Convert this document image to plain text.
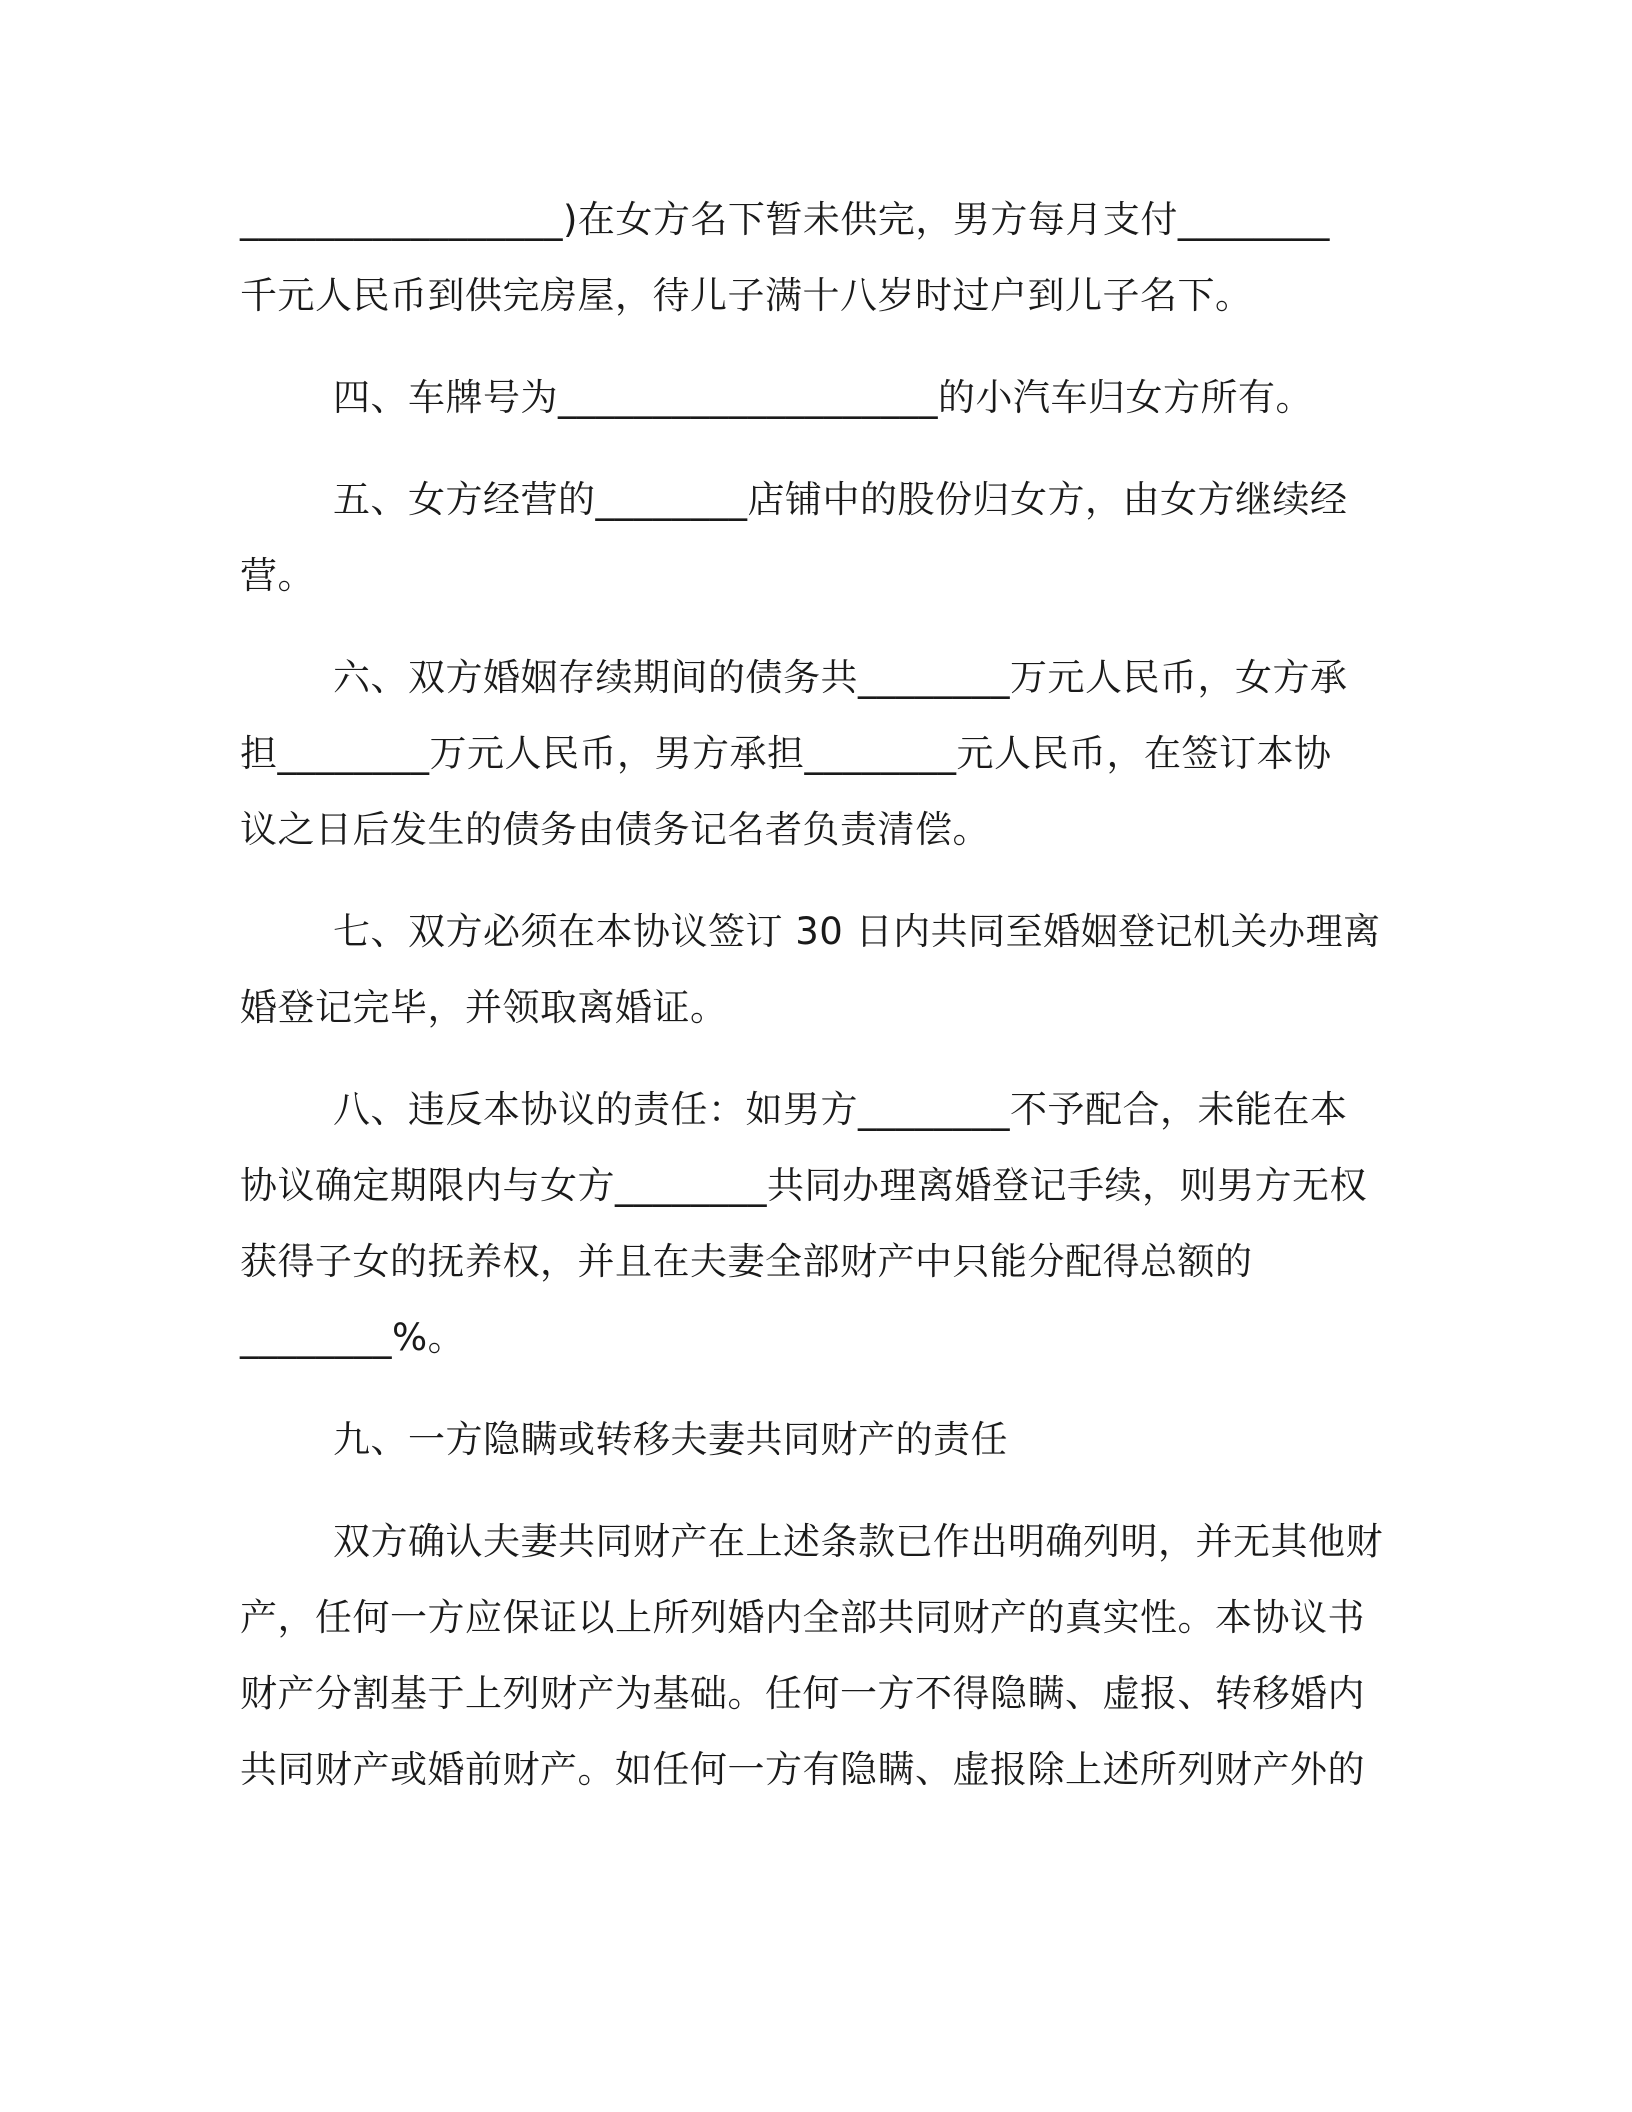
_________________)在女方名下暂未供完，男方每月支付________
千元人民币到供完房屋，待儿子满十八岁时过户到儿子名下。
四、车牌号为____________________的小汽车归女方所有。
五、女方经营的________店铺中的股份归女方，由女方继续经
营。
六、双方婚姻存续期间的债务共________万元人民币，女方承
担________万元人民币，男方承担________元人民币，在签订本协
议之日后发生的债务由债务记名者负责清偿。
七、双方必须在本协议签订 30 日内共同至婚姻登记机关办理离
婚登记完毕，并领取离婚证。
八、违反本协议的责任：如男方________不予配合，未能在本
协议确定期限内与女方________共同办理离婚登记手续，则男方无权
获得子女的抚养权，并且在夫妻全部财产中只能分配得总额的
________%。
九、一方隐瞒或转移夫妻共同财产的责任
双方确认夫妻共同财产在上述条款已作出明确列明，并无其他财
产，任何一方应保证以上所列婚内全部共同财产的真实性。本协议书
财产分割基于上列财产为基础。任何一方不得隐瞒、虚报、转移婚内
共同财产或婚前财产。如任何一方有隐瞒、虚报除上述所列财产外的
